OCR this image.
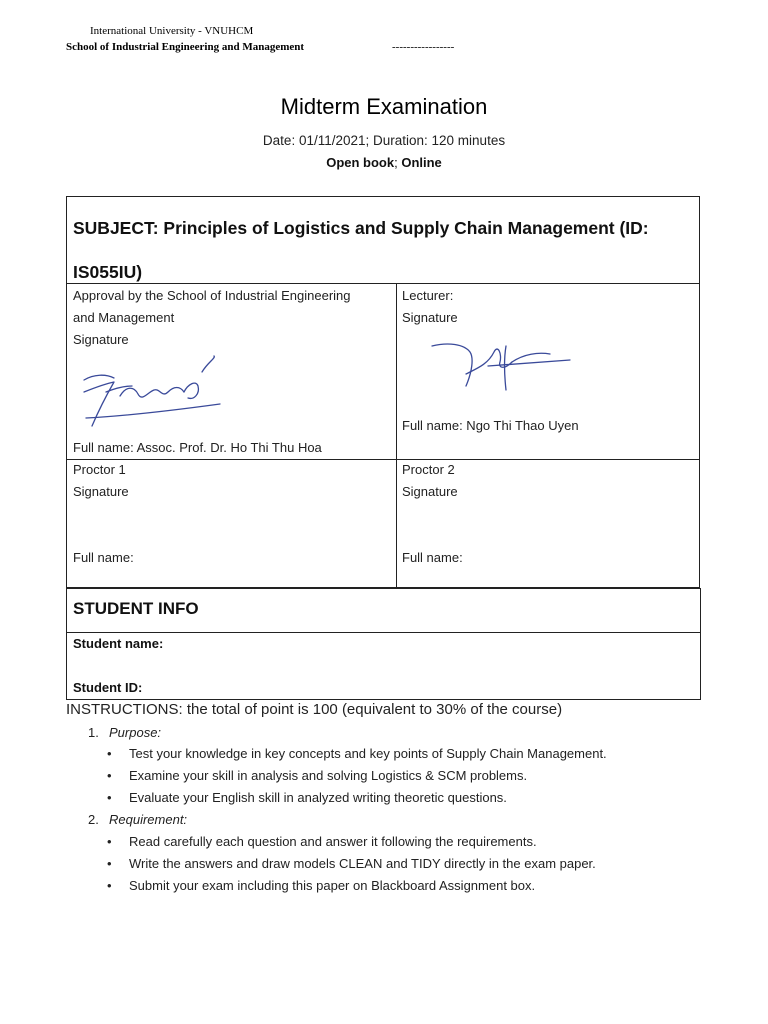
International University - VNUHCM
School of Industrial Engineering and Management	-----------------
Midterm Examination
Date: 01/11/2021; Duration: 120 minutes
Open book; Online
SUBJECT: Principles of Logistics and Supply Chain Management (ID:
IS055IU)
Approval by the School of Industrial Engineering
and Management
Signature
Full name: Assoc. Prof. Dr. Ho Thi Thu Hoa
Lecturer:
Signature
Full name: Ngo Thi Thao Uyen
Proctor 1
Signature
Full name:
Proctor 2
Signature
Full name:
STUDENT INFO
Student name:
Student ID:
INSTRUCTIONS: the total of point is 100 (equivalent to 30% of the course)
1. Purpose:
• Test your knowledge in key concepts and key points of Supply Chain Management.
• Examine your skill in analysis and solving Logistics & SCM problems.
• Evaluate your English skill in analyzed writing theoretic questions.
2. Requirement:
• Read carefully each question and answer it following the requirements.
• Write the answers and draw models CLEAN and TIDY directly in the exam paper.
• Submit your exam including this paper on Blackboard Assignment box.
